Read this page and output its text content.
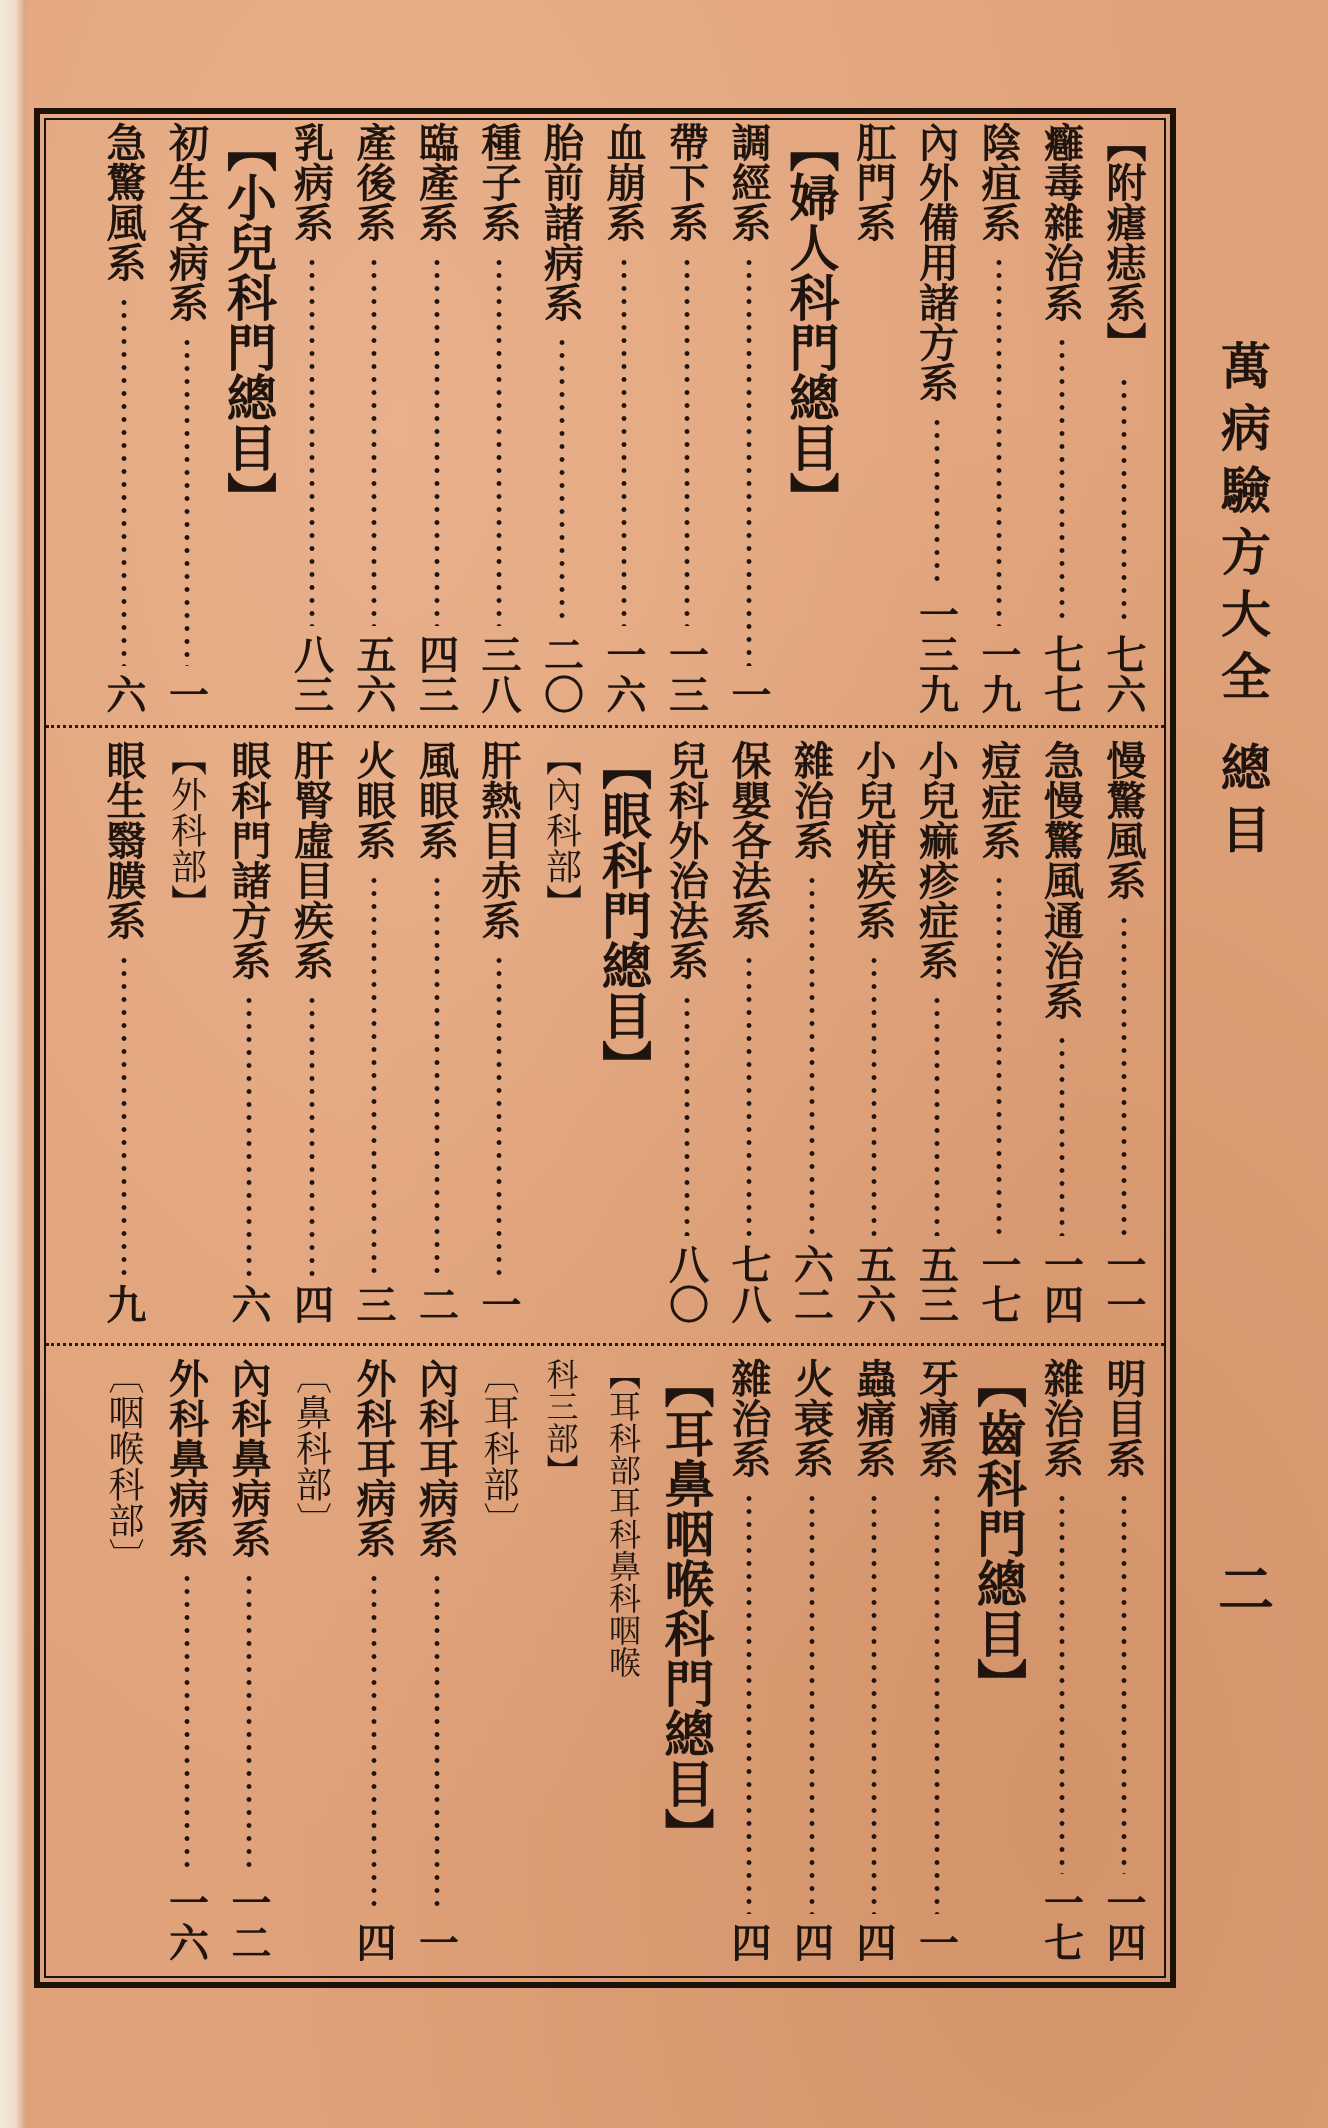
萬病驗方大全 總目
二
【附瘧痣系】
七六
癰毒雜治系
七七
陰疽系
一九
內外備用諸方系
一三九
肛門系
【婦人科門總目】
調經系
一
帶下系
一三
血崩系
一六
胎前諸病系
二〇
種子系
三八
臨產系
四三
產後系
五六
乳病系
八三
【小兒科門總目】
初生各病系
一
急驚風系
六
慢驚風系
一一
急慢驚風通治系
一四
痘症系
一七
小兒痲疹症系
五三
小兒疳疾系
五六
雜治系
六二
保嬰各法系
七八
兒科外治法系
八〇
【眼科門總目】
【內科部】
肝熱目赤系
一
風眼系
二
火眼系
三
肝腎虛目疾系
四
眼科門諸方系
六
【外科部】
眼生翳膜系
九
明目系
一四
雜治系
一七
【齒科門總目】
牙痛系
一
蟲痛系
四
火衰系
四
雜治系
四
【耳鼻咽喉科門總目】
【耳科部耳科鼻科咽喉
科三部】
〔耳科部〕
內科耳病系
一
外科耳病系
四
〔鼻科部〕
內科鼻病系
一二
外科鼻病系
一六
〔咽喉科部〕
